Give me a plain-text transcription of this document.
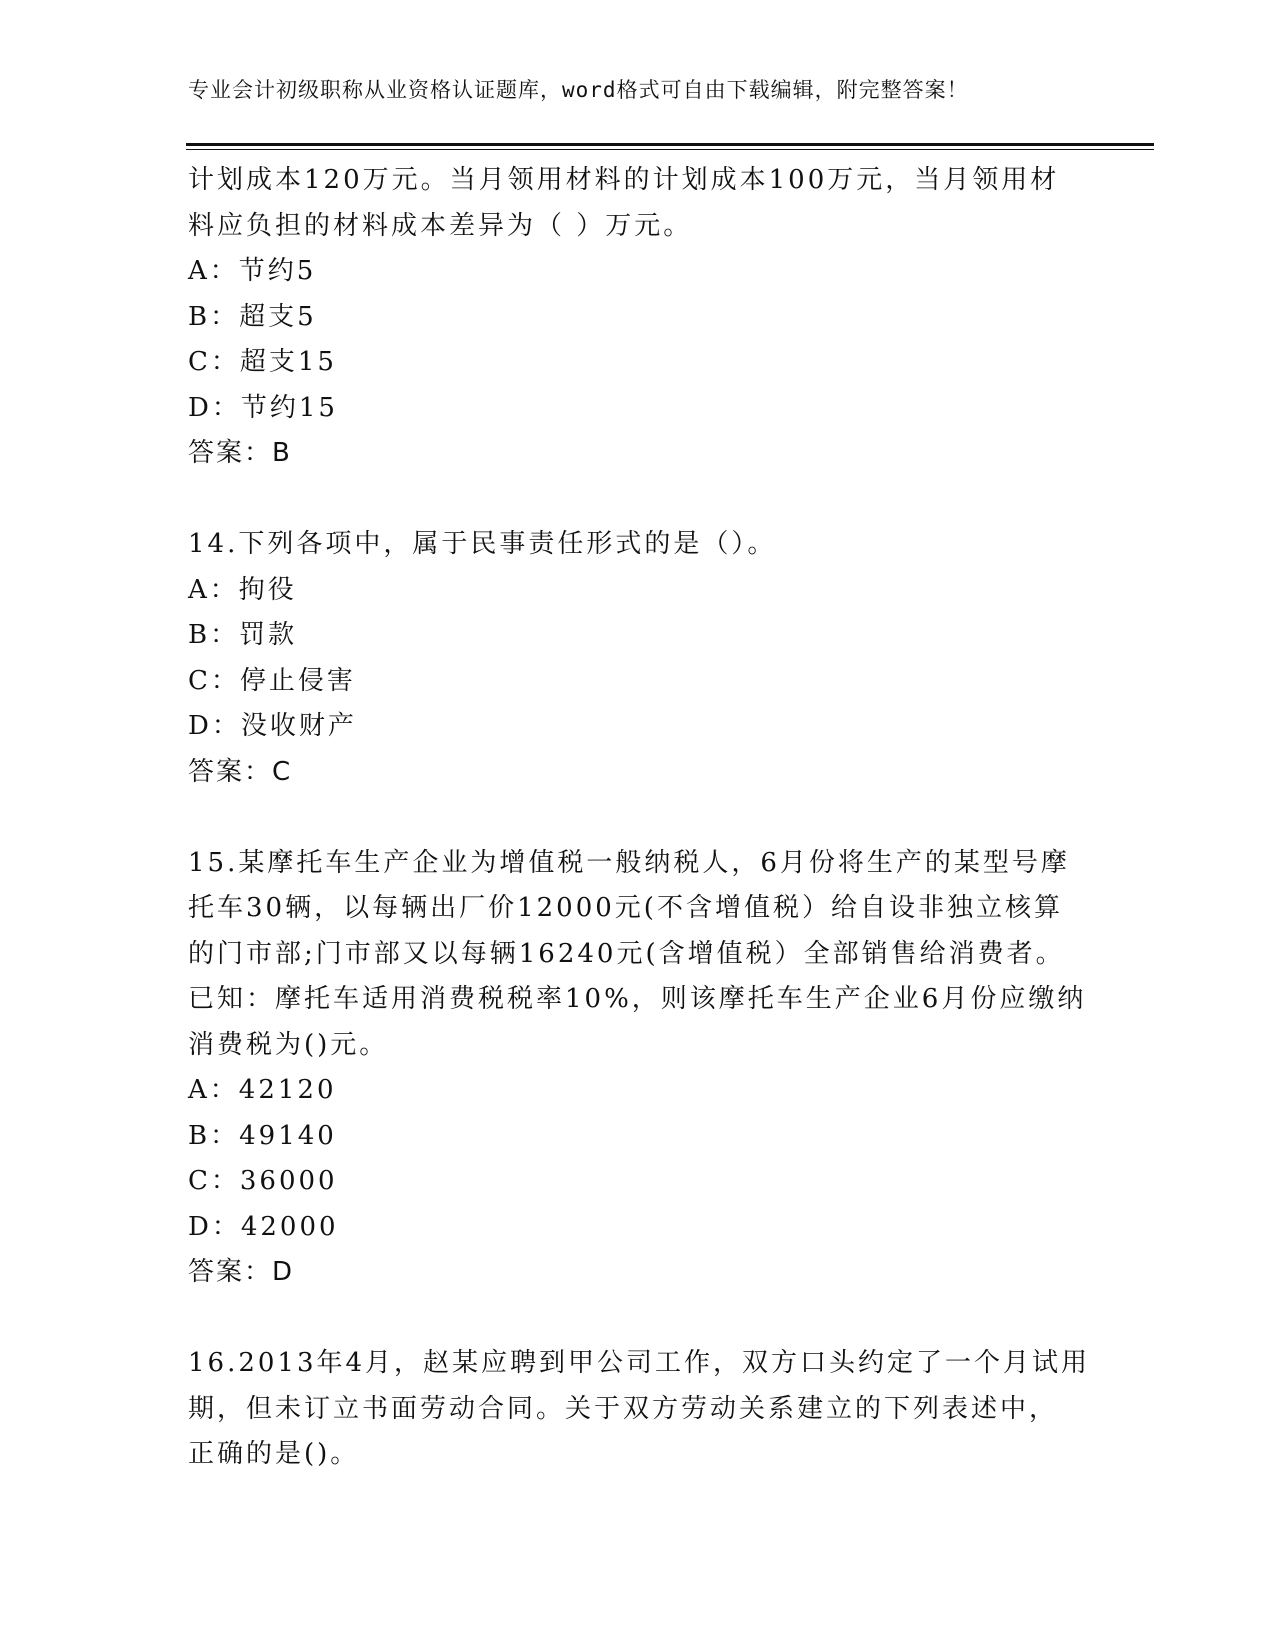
专业会计初级职称从业资格认证题库，word格式可自由下载编辑，附完整答案！
计划成本120万元。当月领用材料的计划成本100万元，当月领用材
料应负担的材料成本差异为（ ）万元。
A：节约5
B：超支5
C：超支15
D：节约15
答案：B
14.下列各项中，属于民事责任形式的是（）。
A：拘役
B：罚款
C：停止侵害
D：没收财产
答案：C
15.某摩托车生产企业为增值税一般纳税人，6月份将生产的某型号摩
托车30辆，以每辆出厂价12000元(不含增值税）给自设非独立核算
的门市部;门市部又以每辆16240元(含增值税）全部销售给消费者。
已知：摩托车适用消费税税率10%，则该摩托车生产企业6月份应缴纳
消费税为()元。
A：42120
B：49140
C：36000
D：42000
答案：D
16.2013年4月，赵某应聘到甲公司工作，双方口头约定了一个月试用
期，但未订立书面劳动合同。关于双方劳动关系建立的下列表述中，
正确的是()。
